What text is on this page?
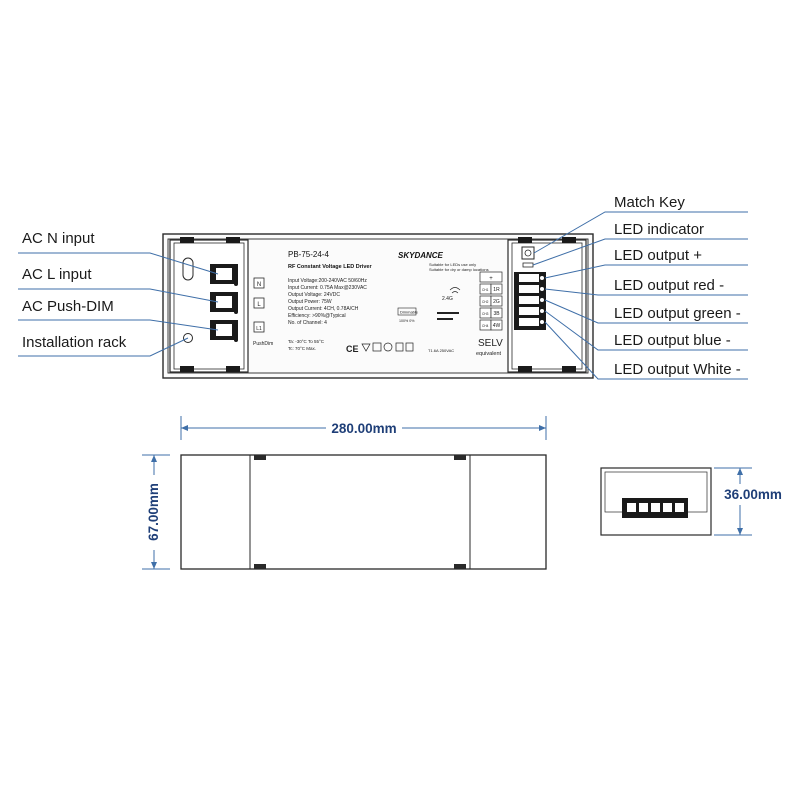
N
L
L1
PushDim
PB-75-24-4
RF Constant Voltage LED Driver
Input Voltage:200-240VAC 50/60Hz
Input Current: 0.75A Max@230VAC
Output Voltage: 24VDC
Output Power: 75W
Output Current: 4CH, 0.78A/CH
Efficiency: >90%@Typical
No. of Channel: 4
Ta: -30°C To 55°C
Tc: 70°C Max.	CE
SKYDANCE
Suitable for LEDs use only
Suitable for dry or damp locations
Dimmable
100% 0%
2.4G
T1.6A 250VAC
SELV
equivalent
+
CH1 1R
CH2 2G
CH3 3B
CH4 4W
AC N input
AC L input
AC Push-DIM
Installation rack
Match Key
LED indicator
LED output +
LED output red -
LED output green -
LED output blue -
LED output White -
280.00mm
67.00mm	36.00mm
